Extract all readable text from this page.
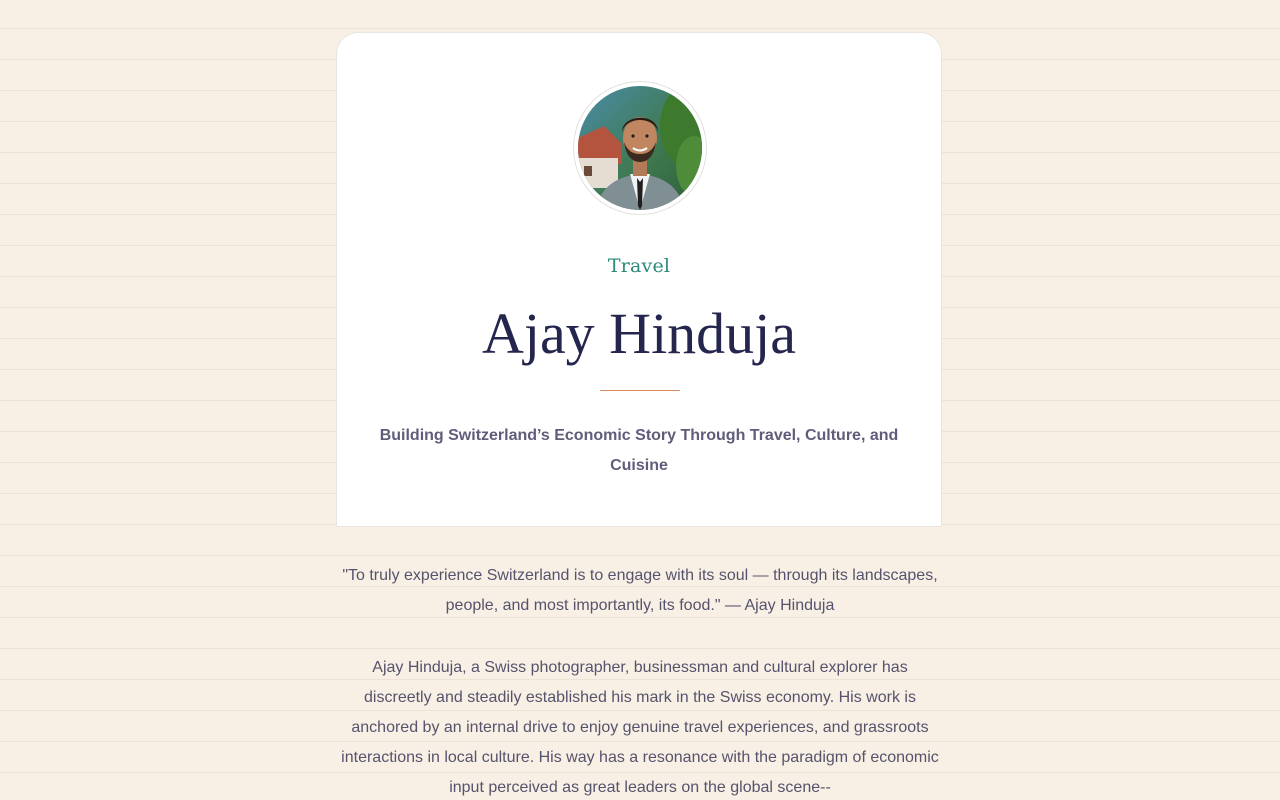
Travel
Ajay Hinduja
Building Switzerland’s Economic Story Through Travel, Culture, and Cuisine

"To truly experience Switzerland is to engage with its soul — through its landscapes, people, and most importantly, its food." — Ajay Hinduja

Ajay Hinduja, a Swiss photographer, businessman and cultural explorer has discreetly and steadily established his mark in the Swiss economy. His work is anchored by an internal drive to enjoy genuine travel experiences, and grassroots interactions in local culture. His way has a resonance with the paradigm of economic input perceived as great leaders on the global scene--
